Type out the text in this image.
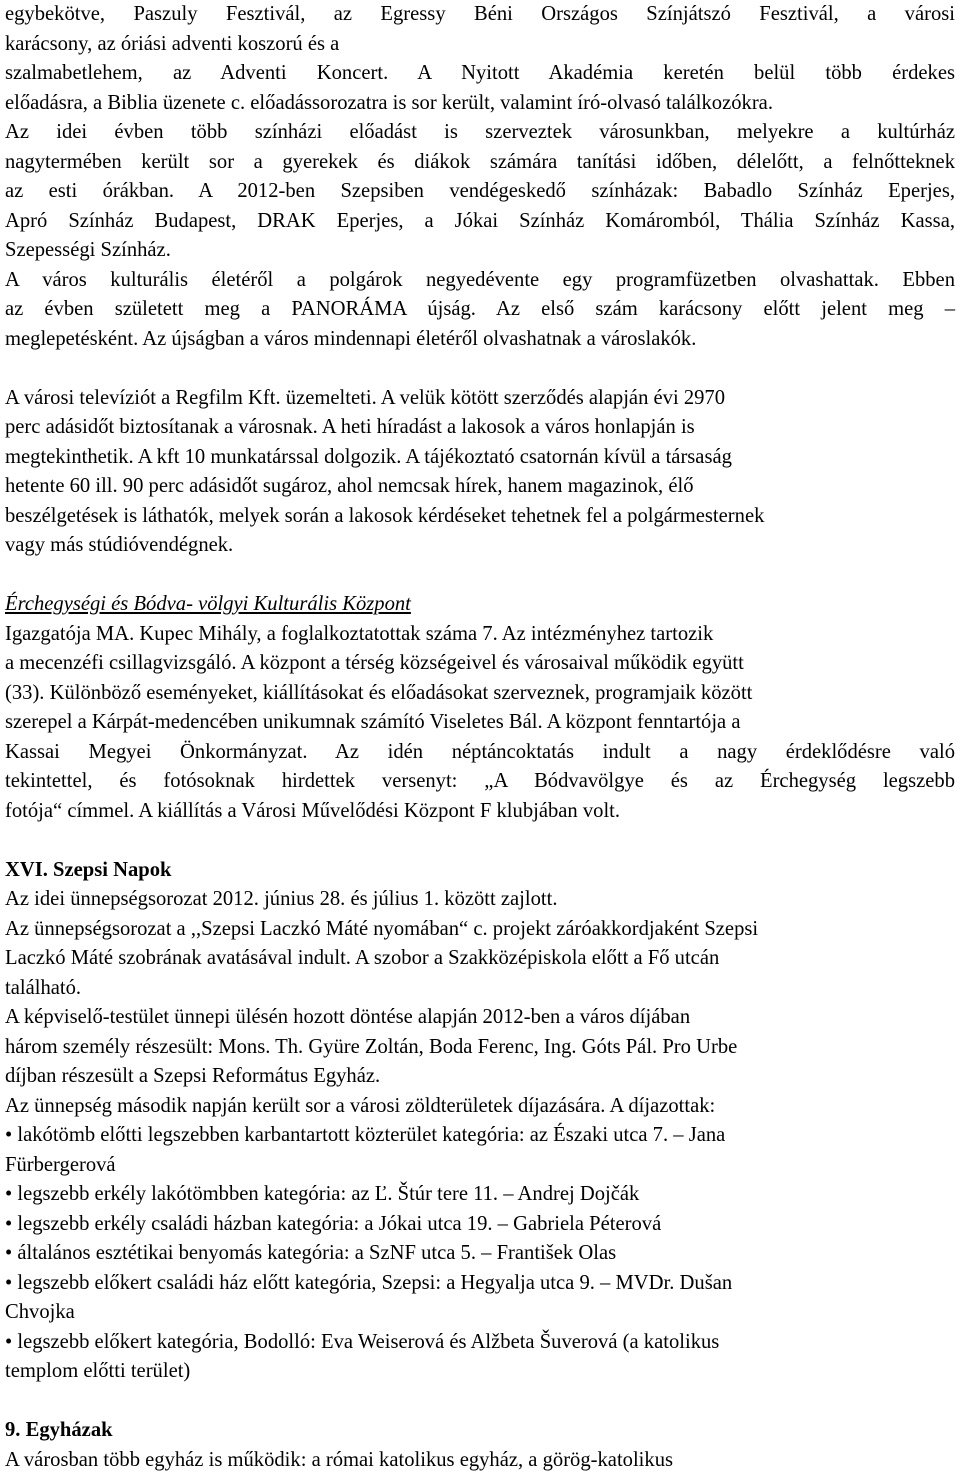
egybekötve, Paszuly Fesztivál, az Egressy Béni Országos Színjátszó Fesztivál, a városi
karácsony, az óriási adventi koszorú és a
szalmabetlehem, az Adventi Koncert. A Nyitott Akadémia keretén belül több érdekes
előadásra, a Biblia üzenete c. előadássorozatra is sor került, valamint író-olvasó találkozókra.
Az idei évben több színházi előadást is szerveztek városunkban, melyekre a kultúrház
nagytermében került sor a gyerekek és diákok számára tanítási időben, délelőtt, a felnőtteknek
az esti órákban. A 2012-ben Szepsiben vendégeskedő színházak: Babadlo Színház Eperjes,
Apró Színház Budapest, DRAK Eperjes, a Jókai Színház Komáromból, Thália Színház Kassa,
Szepességi Színház.
A város kulturális életéről a polgárok negyedévente egy programfüzetben olvashattak. Ebben
az évben született meg a PANORÁMA újság. Az első szám karácsony előtt jelent meg –
meglepetésként. Az újságban a város mindennapi életéről olvashatnak a városlakók.

A városi televíziót a Regfilm Kft. üzemelteti. A velük kötött szerződés alapján évi 2970
perc adásidőt biztosítanak a városnak. A heti híradást a lakosok a város honlapján is
megtekinthetik. A kft 10 munkatárssal dolgozik. A tájékoztató csatornán kívül a társaság
hetente 60 ill. 90 perc adásidőt sugároz, ahol nemcsak hírek, hanem magazinok, élő
beszélgetések is láthatók, melyek során a lakosok kérdéseket tehetnek fel a polgármesternek
vagy más stúdióvendégnek.

Érchegységi és Bódva- völgyi Kulturális Központ
Igazgatója MA. Kupec Mihály, a foglalkoztatottak száma 7. Az intézményhez tartozik
a mecenzéfi csillagvizsgáló. A központ a térség községeivel és városaival működik együtt
(33). Különböző eseményeket, kiállításokat és előadásokat szerveznek, programjaik között
szerepel a Kárpát-medencében unikumnak számító Viseletes Bál. A központ fenntartója a
Kassai Megyei Önkormányzat. Az idén néptáncoktatás indult a nagy érdeklődésre való
tekintettel, és fotósoknak hirdettek versenyt: „A Bódvavölgye és az Érchegység legszebb
fotója“ címmel. A kiállítás a Városi Művelődési Központ F klubjában volt.

XVI. Szepsi Napok
Az idei ünnepségsorozat 2012. június 28. és július 1. között zajlott.
Az ünnepségsorozat a ,,Szepsi Laczkó Máté nyomában“ c. projekt záróakkordjaként Szepsi
Laczkó Máté szobrának avatásával indult. A szobor a Szakközépiskola előtt a Fő utcán
található.
A képviselő-testület ünnepi ülésén hozott döntése alapján 2012-ben a város díjában
három személy részesült: Mons. Th. Gyüre Zoltán, Boda Ferenc, Ing. Góts Pál. Pro Urbe
díjban részesült a Szepsi Református Egyház.
Az ünnepség második napján került sor a városi zöldterületek díjazására. A díjazottak:
• lakótömb előtti legszebben karbantartott közterület kategória: az Északi utca 7. – Jana
Fürbergerová
• legszebb erkély lakótömbben kategória: az Ľ. Štúr tere 11. – Andrej Dojčák
• legszebb erkély családi házban kategória: a Jókai utca 19. – Gabriela Péterová
• általános esztétikai benyomás kategória: a SzNF utca 5. – František Olas
• legszebb előkert családi ház előtt kategória, Szepsi: a Hegyalja utca 9. – MVDr. Dušan
Chvojka
• legszebb előkert kategória, Bodolló: Eva Weiserová és Alžbeta Šuverová (a katolikus
templom előtti terület)

9. Egyházak
A városban több egyház is működik: a római katolikus egyház, a görög-katolikus
